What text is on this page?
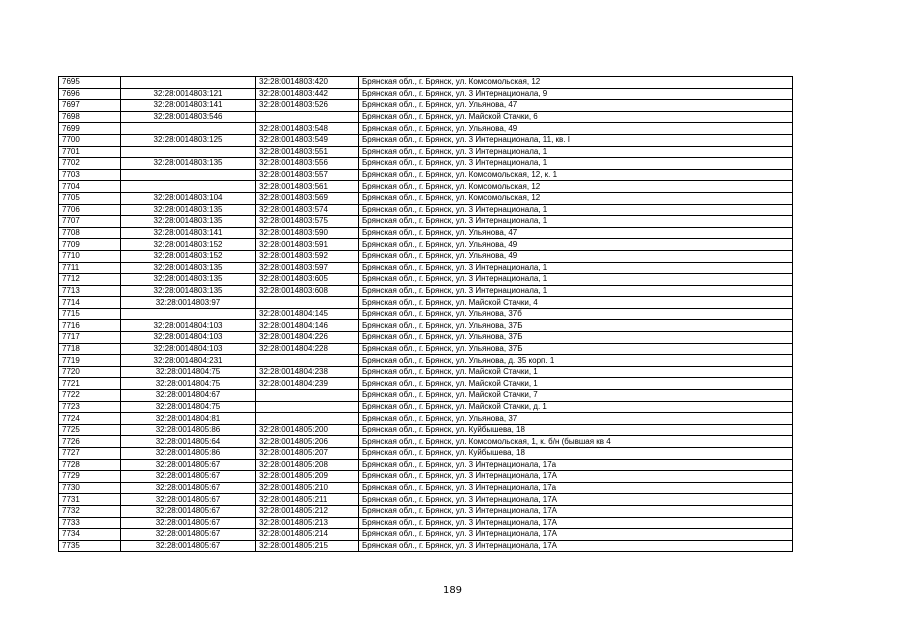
7695		32:28:0014803:420	Брянская обл., г. Брянск, ул. Комсомольская, 12
7696	32:28:0014803:121	32:28:0014803:442	Брянская обл., г. Брянск, ул. 3 Интернационала, 9
7697	32:28:0014803:141	32:28:0014803:526	Брянская обл., г. Брянск, ул. Ульянова, 47
7698	32:28:0014803:546		Брянская обл., г. Брянск, ул. Майской Стачки, 6
7699		32:28:0014803:548	Брянская обл., г. Брянск, ул. Ульянова, 49
7700	32:28:0014803:125	32:28:0014803:549	Брянская обл., г. Брянск, ул. 3 Интернационала, 11, кв. I
7701		32:28:0014803:551	Брянская обл., г. Брянск, ул. 3 Интернационала, 1
7702	32:28:0014803:135	32:28:0014803:556	Брянская обл., г. Брянск, ул. 3 Интернационала, 1
7703		32:28:0014803:557	Брянская обл., г. Брянск, ул. Комсомольская, 12, к. 1
7704		32:28:0014803:561	Брянская обл., г. Брянск, ул. Комсомольская, 12
7705	32:28:0014803:104	32:28:0014803:569	Брянская обл., г. Брянск, ул. Комсомольская, 12
7706	32:28:0014803:135	32:28:0014803:574	Брянская обл., г. Брянск, ул. 3 Интернационала, 1
7707	32:28:0014803:135	32:28:0014803:575	Брянская обл., г. Брянск, ул. 3 Интернационала, 1
7708	32:28:0014803:141	32:28:0014803:590	Брянская обл., г. Брянск, ул. Ульянова, 47
7709	32:28:0014803:152	32:28:0014803:591	Брянская обл., г. Брянск, ул. Ульянова, 49
7710	32:28:0014803:152	32:28:0014803:592	Брянская обл., г. Брянск, ул. Ульянова, 49
7711	32:28:0014803:135	32:28:0014803:597	Брянская обл., г. Брянск, ул. 3 Интернационала, 1
7712	32:28:0014803:135	32:28:0014803:605	Брянская обл., г. Брянск, ул. 3 Интернационала, 1
7713	32:28:0014803:135	32:28:0014803:608	Брянская обл., г. Брянск, ул. 3 Интернационала, 1
7714	32:28:0014803:97		Брянская обл., г. Брянск, ул. Майской Стачки, 4
7715		32:28:0014804:145	Брянская обл., г. Брянск, ул. Ульянова, 37б
7716	32:28:0014804:103	32:28:0014804:146	Брянская обл., г. Брянск, ул. Ульянова, 37Б
7717	32:28:0014804:103	32:28:0014804:226	Брянская обл., г. Брянск, ул. Ульянова, 37Б
7718	32:28:0014804:103	32:28:0014804:228	Брянская обл., г. Брянск, ул. Ульянова, 37Б
7719	32:28:0014804:231		Брянская обл., г. Брянск, ул. Ульянова, д. 35 корп. 1
7720	32:28:0014804:75	32:28:0014804:238	Брянская обл., г. Брянск, ул. Майской Стачки, 1
7721	32:28:0014804:75	32:28:0014804:239	Брянская обл., г. Брянск, ул. Майской Стачки, 1
7722	32:28:0014804:67		Брянская обл., г. Брянск, ул. Майской Стачки, 7
7723	32:28:0014804:75		Брянская обл., г. Брянск, ул. Майской Стачки, д. 1
7724	32:28:0014804:81		Брянская обл., г. Брянск, ул. Ульянова, 37
7725	32:28:0014805:86	32:28:0014805:200	Брянская обл., г. Брянск, ул. Куйбышева, 18
7726	32:28:0014805:64	32:28:0014805:206	Брянская обл., г. Брянск, ул. Комсомольская, 1, к. б/н (бывшая кв 4
7727	32:28:0014805:86	32:28:0014805:207	Брянская обл., г. Брянск, ул. Куйбышева, 18
7728	32:28:0014805:67	32:28:0014805:208	Брянская обл., г. Брянск, ул. 3 Интернационала, 17а
7729	32:28:0014805:67	32:28:0014805:209	Брянская обл., г. Брянск, ул. 3 Интернационала, 17А
7730	32:28:0014805:67	32:28:0014805:210	Брянская обл., г. Брянск, ул. 3 Интернационала, 17а
7731	32:28:0014805:67	32:28:0014805:211	Брянская обл., г. Брянск, ул. 3 Интернационала, 17А
7732	32:28:0014805:67	32:28:0014805:212	Брянская обл., г. Брянск, ул. 3 Интернационала, 17А
7733	32:28:0014805:67	32:28:0014805:213	Брянская обл., г. Брянск, ул. 3 Интернационала, 17А
7734	32:28:0014805:67	32:28:0014805:214	Брянская обл., г. Брянск, ул. 3 Интернационала, 17А
7735	32:28:0014805:67	32:28:0014805:215	Брянская обл., г. Брянск, ул. 3 Интернационала, 17А
189
